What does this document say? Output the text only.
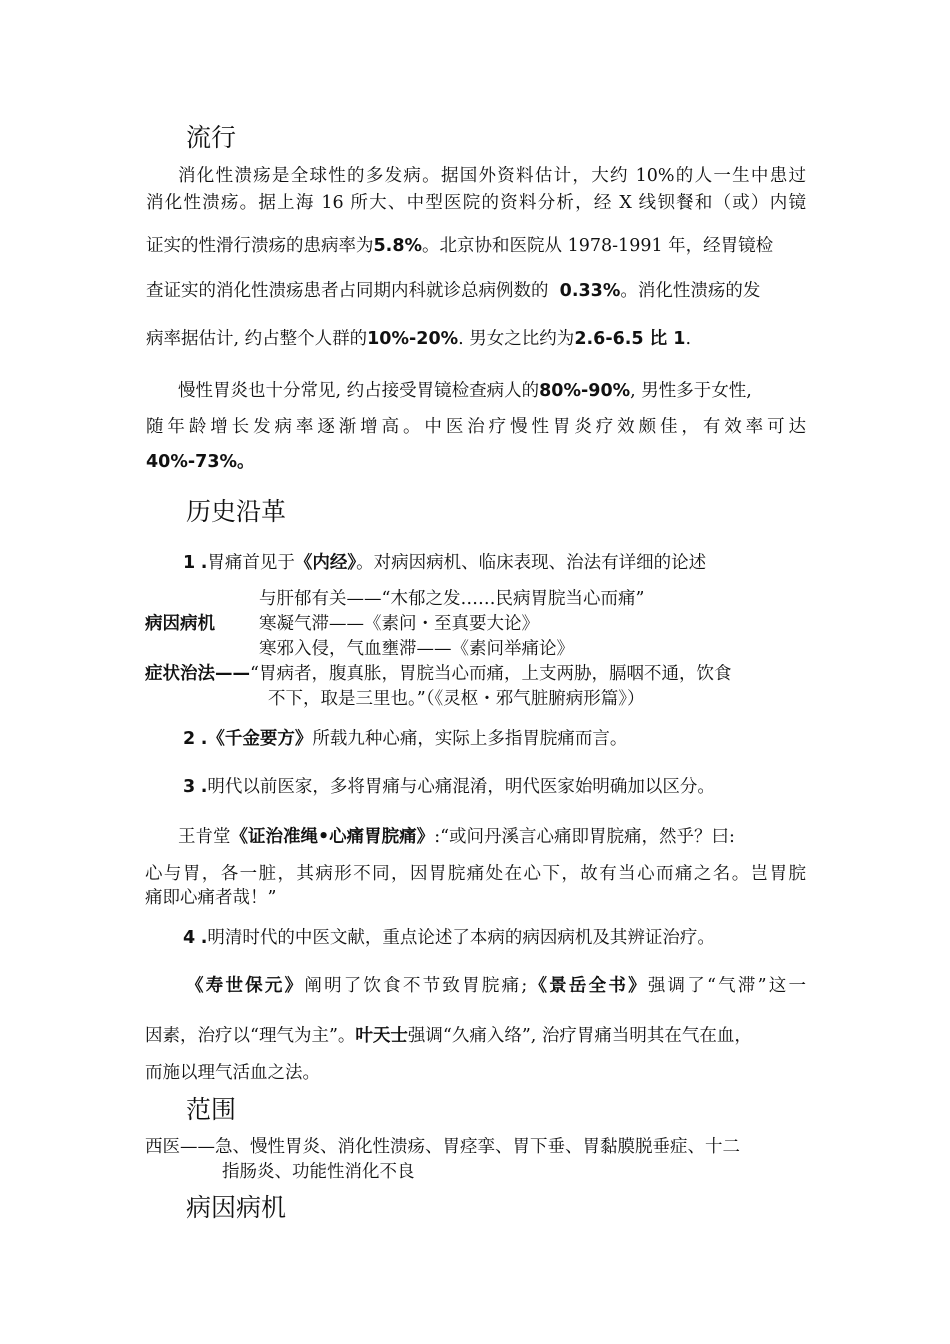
流行
消化性溃疡是全球性的多发病。据国外资料估计，大约 10%的人一生中患过
消化性溃疡。据上海 16 所大、中型医院的资料分析，经 X 线钡餐和（或）内镜
证实的性滑行溃疡的患病率为5.8%。北京协和医院从 1978-1991 年，经胃镜检
查证实的消化性溃疡患者占同期内科就诊总病例数的 0.33%。消化性溃疡的发
病率据估计, 约占整个人群的10%-20%. 男女之比约为2.6-6.5 比 1.
慢性胃炎也十分常见, 约占接受胃镜检查病人的80%-90%, 男性多于女性,
随年龄增长发病率逐渐增高。中医治疗慢性胃炎疗效颇佳，有效率可达
40%-73%。
历史沿革
1 .胃痛首见于《内经》。对病因病机、临床表现、治法有详细的论述
与肝郁有关——“木郁之发……民病胃脘当心而痛”
病因病机	寒凝气滞——《素问・至真要大论》
寒邪入侵，气血壅滞——《素问举痛论》
症状治法——“胃病者，腹真胀，胃脘当心而痛，上支两胁，膈咽不通，饮食
不下，取是三里也。”（《灵枢・邪气脏腑病形篇》）
2 .《千金要方》所载九种心痛，实际上多指胃脘痛而言。
3 .明代以前医家，多将胃痛与心痛混淆，明代医家始明确加以区分。
王肯堂《证治准绳•心痛胃脘痛》:“或问丹溪言心痛即胃脘痛，然乎？曰:
心与胃，各一脏，其病形不同，因胃脘痛处在心下，故有当心而痛之名。岂胃脘
痛即心痛者哉！”
4 .明清时代的中医文献，重点论述了本病的病因病机及其辨证治疗。
《寿世保元》阐明了饮食不节致胃脘痛;《景岳全书》强调了“气滞”这一
因素，治疗以“理气为主”。叶天士强调“久痛入络”, 治疗胃痛当明其在气在血，
而施以理气活血之法。
范围
西医——急、慢性胃炎、消化性溃疡、胃痉挛、胃下垂、胃黏膜脱垂症、十二
指肠炎、功能性消化不良
病因病机
